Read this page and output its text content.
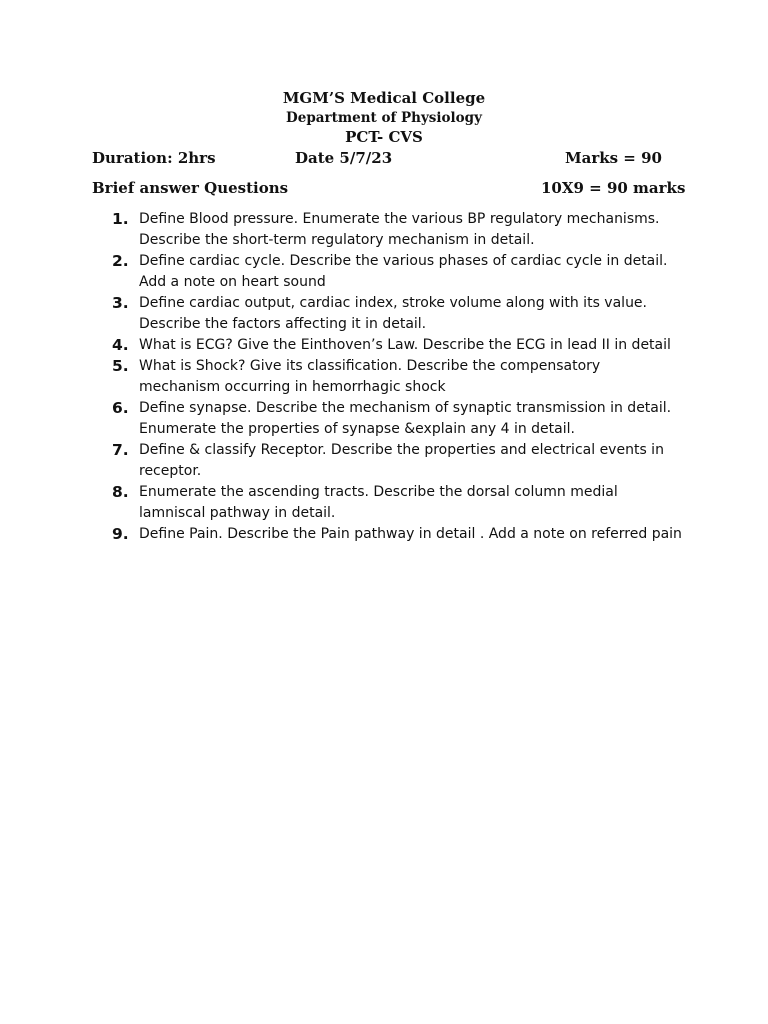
MGM’S Medical College
Department of Physiology
PCT- CVS
Duration: 2hrs	Date 5/7/23	Marks = 90
Brief answer Questions	10X9 = 90 marks
1. Define Blood pressure. Enumerate the various BP regulatory mechanisms. Describe the short-term regulatory mechanism in detail.
2. Define cardiac cycle. Describe the various phases of cardiac cycle in detail. Add a note on heart sound
3. Define cardiac output, cardiac index, stroke volume along with its value. Describe the factors affecting it in detail.
4. What is ECG? Give the Einthoven’s Law. Describe the ECG in lead II in detail
5. What is Shock? Give its classification. Describe the compensatory mechanism occurring in hemorrhagic shock
6. Define synapse. Describe the mechanism of synaptic transmission in detail. Enumerate the properties of synapse &explain any 4 in detail.
7. Define & classify Receptor. Describe the properties and electrical events in receptor.
8. Enumerate the ascending tracts. Describe the dorsal column medial lamniscal pathway in detail.
9. Define Pain. Describe the Pain pathway in detail . Add a note on referred pain
